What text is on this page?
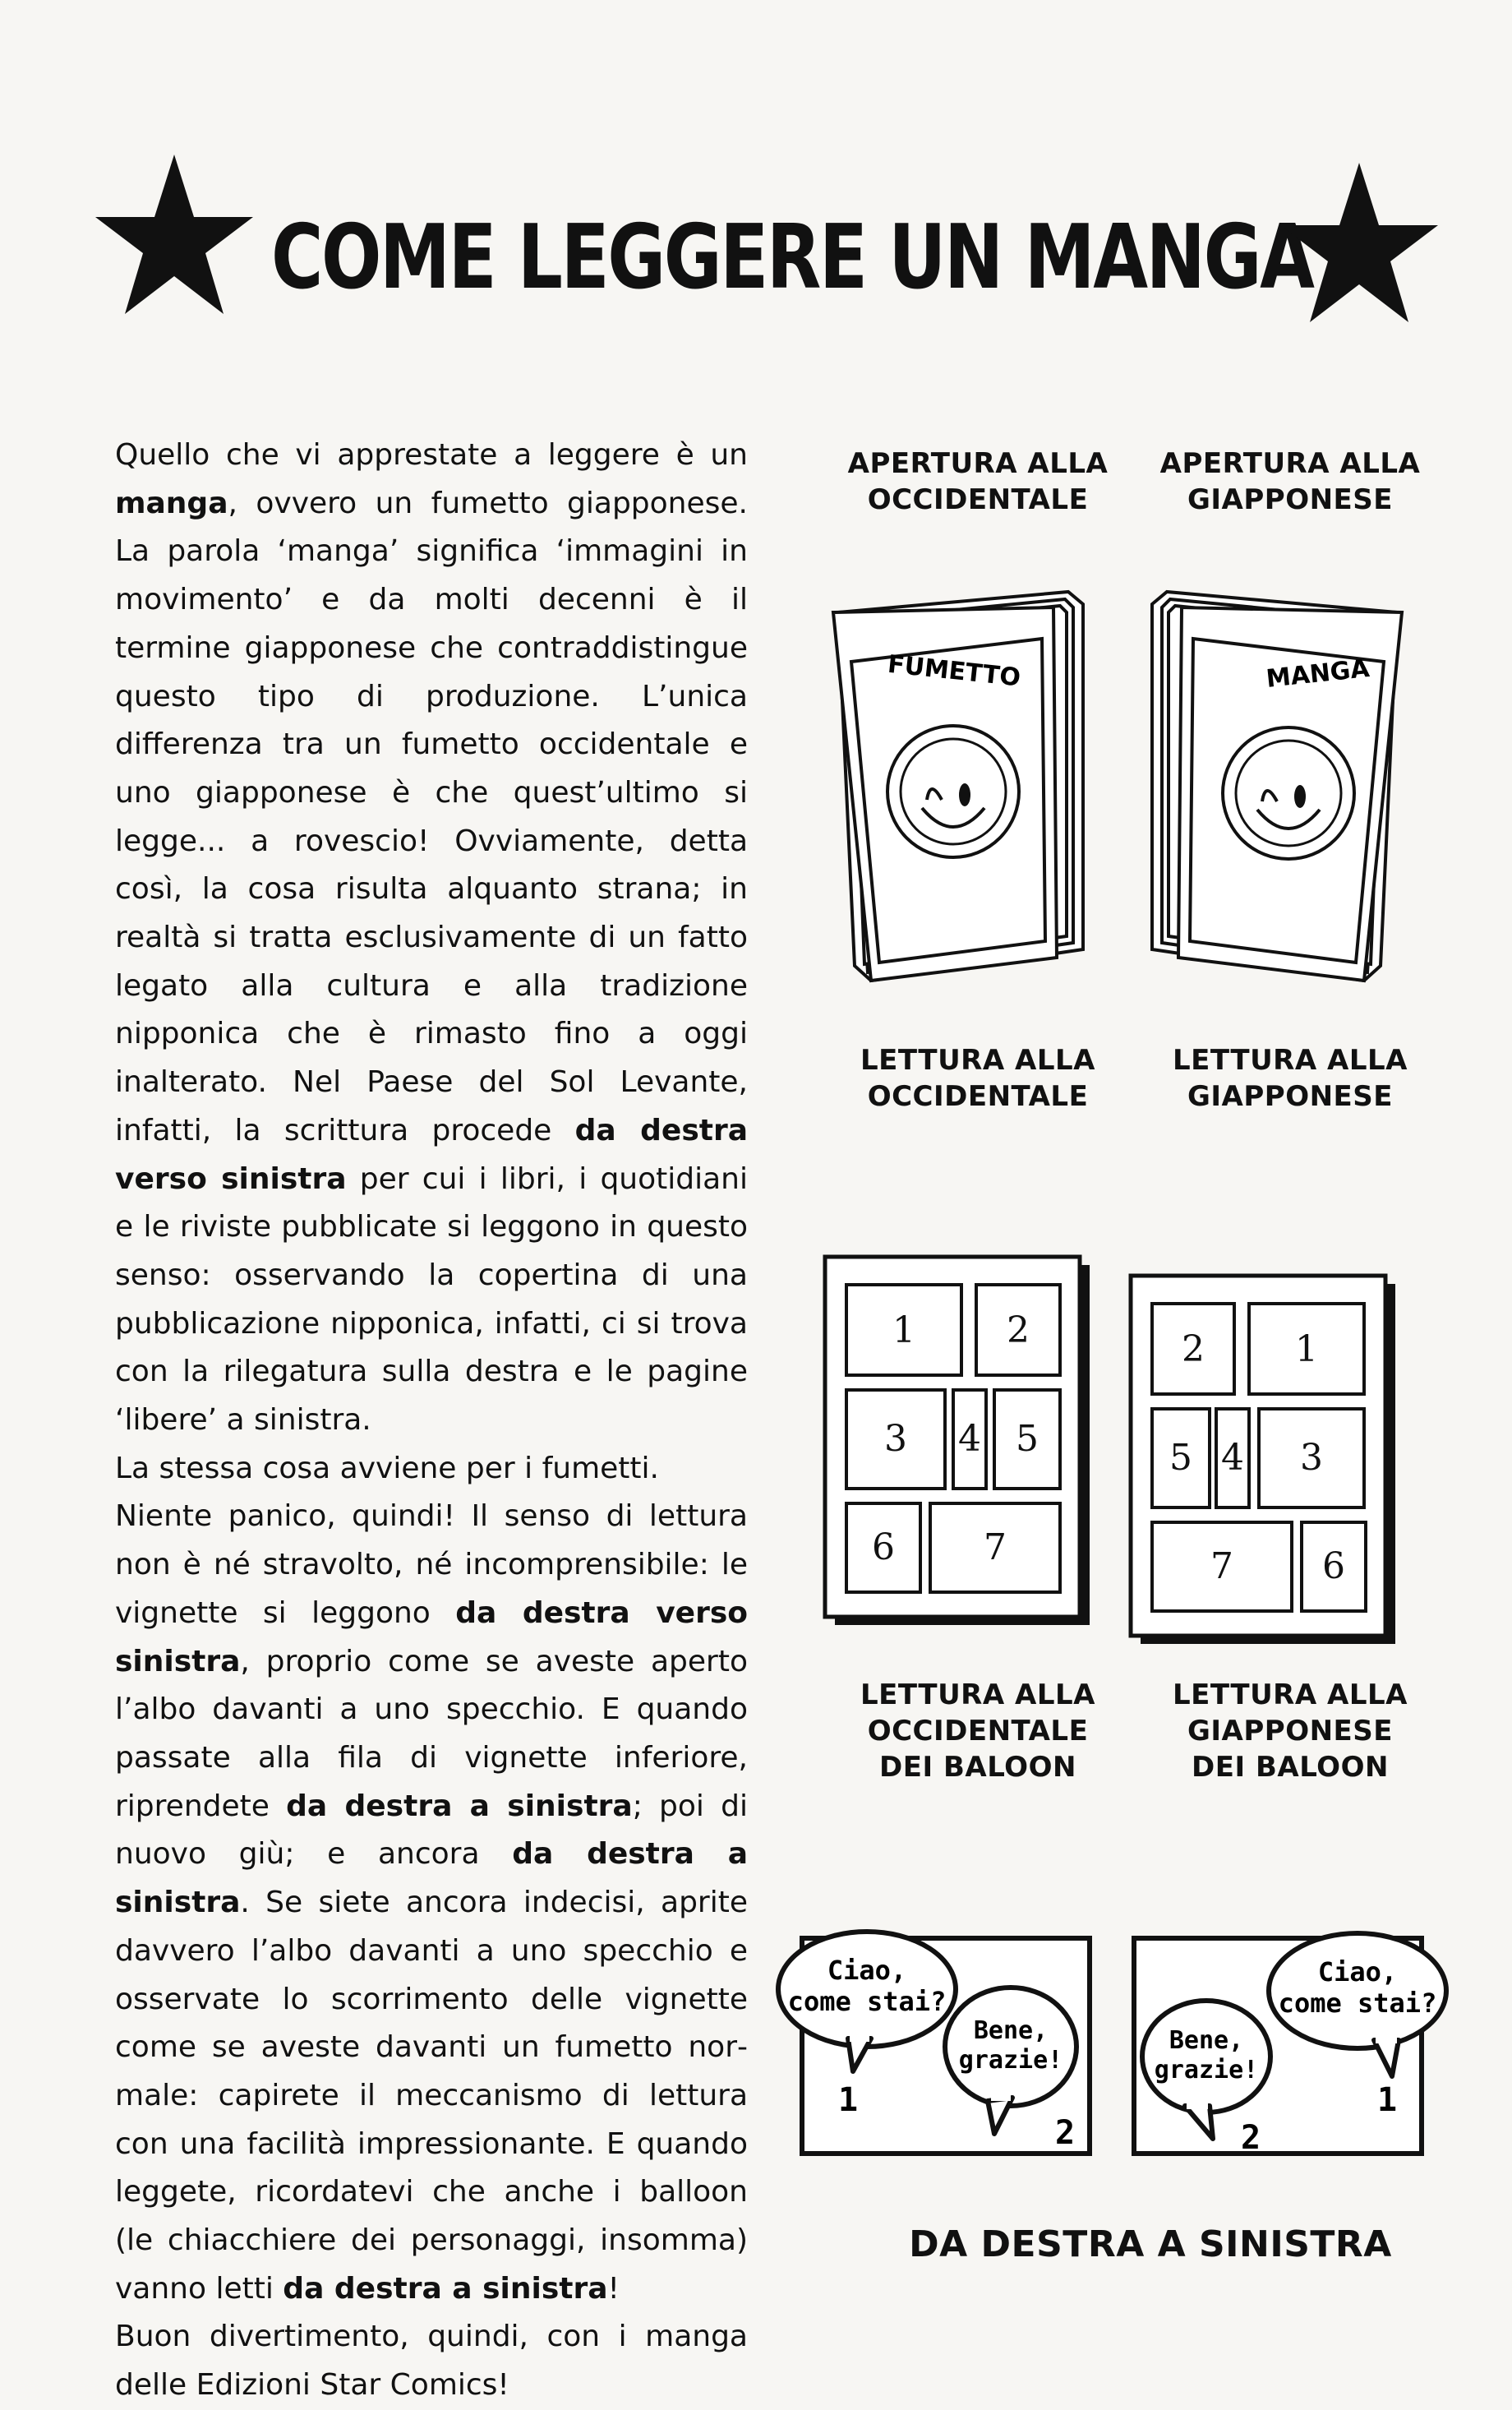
COME LEGGERE UN MANGA

Quello che vi apprestate a leggere è un manga, ovvero un fumetto giapponese. La parola ‘manga’ significa ‘immagini in movimento’ e da molti decenni è il termine giapponese che contraddistingue questo tipo di produzione. L’unica differenza tra un fumetto occidentale e uno giapponese è che quest’ultimo si legge... a rovescio! Ovviamente, detta così, la cosa risulta alquanto strana; in realtà si tratta esclusivamente di un fatto legato alla cultura e alla tradizione nipponica che è rimasto fino a oggi inalterato. Nel Paese del Sol Levante, infatti, la scrittura procede da destra verso sinistra per cui i libri, i quotidiani e le riviste pubblicate si leggono in questo senso: osservando la copertina di una pubblicazione nipponica, infatti, ci si trova con la rilegatura sulla destra e le pagine ‘libere’ a sinistra.

La stessa cosa avviene per i fumetti.

Niente panico, quindi! Il senso di lettura non è né stravolto, né incomprensibile: le vignette si leggono da destra verso sinistra, proprio come se aveste aperto l’albo davanti a uno specchio. E quando passate alla fila di vignette inferiore, riprendete da destra a sinistra; poi di nuovo giù; e ancora da destra a sinistra. Se siete ancora indecisi, aprite davvero l’albo davanti a uno specchio e osservate lo scorrimento delle vignette come se aveste davanti un fumetto normale: capirete il meccanismo di lettura con una facilità impressionante. E quando leggete, ricordatevi che anche i balloon (le chiacchiere dei personaggi, insomma) vanno letti da destra a sinistra!

Buon divertimento, quindi, con i manga delle Edizioni Star Comics!

APERTURA ALLA
OCCIDENTALE
APERTURA ALLA
GIAPPONESE
FUMETTO	MANGA
LETTURA ALLA
OCCIDENTALE
LETTURA ALLA
GIAPPONESE
1	2
3 4 5
6 7
2	1
5 4 3
7 6
LETTURA ALLA
OCCIDENTALE
DEI BALOON
LETTURA ALLA
GIAPPONESE
DEI BALOON
Ciao,
come stai?
Bene,
grazie!
1
2
Ciao,
come stai?
Bene,
grazie!
1
2
DA DESTRA A SINISTRA
